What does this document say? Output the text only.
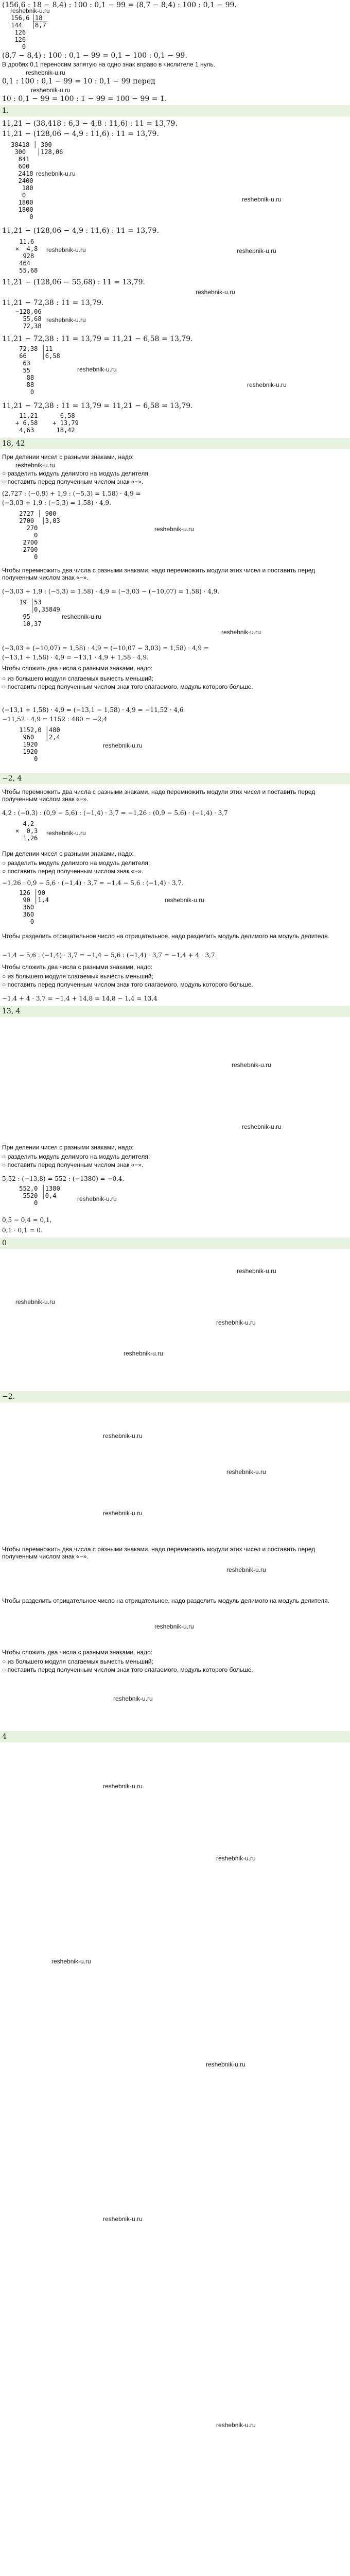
(156,6 : 18 − 8,4) : 100 : 0,1 − 99 = (8,7 − 8,4) : 100 : 0,1 − 99.
reshebnik-u.ru
156,6
144
126
126
0
18
8,7
(8,7 − 8,4) : 100 : 0,1 − 99 = 0,1 − 100 : 0,1 − 99.
В дробях 0,1 переносим запятую на одно знак вправо в числителе 1 нуль.
reshebnik-u.ru
0,1 : 100 : 0,1 − 99 = 10 : 0,1 − 99 перед
reshebnik-u.ru
10 : 0,1 − 99 = 100 : 1 − 99 = 100 − 99 = 1.
1.
11,21 − (38,418 : 6,3 − 4,8 : 11,6) : 11 = 13,79.
11,21 − (128,06 − 4,9 : 11,6) : 11 = 13,79.
38418 │ 300
300   │128,06
841
600
2418
2400
180
0
1800
1800
0
reshebnik-u.ru
reshebnik-u.ru
11,21 − (128,06 − 4,9 : 11,6) : 11 = 13,79.
11,6
×  4,8
928
464
55,68
reshebnik-u.ru	reshebnik-u.ru
11,21 − (128,06 − 55,68) : 11 = 13,79.
reshebnik-u.ru
11,21 − 72,38 : 11 = 13,79.
−128,06
55,68
72,38
reshebnik-u.ru
11,21 − 72,38 : 11 = 13,79 = 11,21 − 6,58 = 13,79.
72,38 │11
66    │6,58
63
55
88
88
0
reshebnik-u.ru
reshebnik-u.ru
11,21 − 72,38 : 11 = 13,79 = 11,21 − 6,58 = 13,79.
11,21      6,58
+ 6,58    + 13,79
4,63      18,42
18, 42
При делении чисел с разными знаками, надо:
reshebnik-u.ru
○ разделить модуль делимого на модуль делителя;
○ поставить перед полученным числом знак «−».
(2,727 : (−0,9) + 1,9 : (−5,3) = 1,58) · 4,9 =
(−3,03 + 1,9 : (−5,3) = 1,58) · 4,9.
2727 │ 900
2700  │3,03
270
0
2700
2700
0
reshebnik-u.ru
Чтобы перемножить два числа с разными знаками, надо перемножить модули этих чисел и поставить перед полученным числом знак «−».
(−3,03 + 1,9 : (−5,3) = 1,58) · 4,9 = (−3,03 − (−10,07) = 1,58) · 4,9.
19 │53
│0,35849
95
10,37
reshebnik-u.ru
reshebnik-u.ru
(−3,03 + (−10,07) = 1,58) · 4,9 = (−10,07 − 3,03) = 1,58) · 4,9 =
(−13,1 + 1,58) · 4,9 = −13,1 · 4,9 + 1,58 · 4,9.
Чтобы сложить два числа с разными знаками, надо:
○ из большего модуля слагаемых вычесть меньший;
○ поставить перед полученным числом знак того слагаемого, модуль которого больше.
(−13,1 + 1,58) · 4,9 = (−13,1 − 1,58) · 4,9 = −11,52 · 4,6
−11,52 · 4,9 = 1152 : 480 = −2,4
1152,0 │480
960   │2,4
1920
1920
0
reshebnik-u.ru
−2, 4
Чтобы перемножить два числа с разными знаками, надо перемножить модули этих чисел и поставить перед полученным числом знак «−».
4,2 : (−0,3) : (0,9 − 5,6) : (−1,4) · 3,7 = −1,26 : (0,9 − 5,6) · (−1,4) · 3,7
4,2
×  0,3
1,26
reshebnik-u.ru
При делении чисел с разными знаками, надо:
○ разделить модуль делимого на модуль делителя;
○ поставить перед полученным числом знак «−».
−1,26 : 0,9 − 5,6 · (−1,4) · 3,7 = −1,4 − 5,6 : (−1,4) · 3,7.
126 │90
90 │1,4
360
360
0
reshebnik-u.ru
Чтобы разделить отрицательное число на отрицательное, надо разделить модуль делимого на модуль делителя.
−1,4 − 5,6 : (−1,4) · 3,7 = −1,4 − 5,6 : (−1,4) · 3,7 = −1,4 + 4 · 3,7.
Чтобы сложить два числа с разными знаками, надо:
○ из большего модуля слагаемых вычесть меньший;
○ поставить перед полученным числом знак того слагаемого, модуль которого больше.
−1,4 + 4 · 3,7 = −1,4 + 14,8 = 14,8 − 1,4 = 13,4
13, 4
reshebnik-u.ru
reshebnik-u.ru
При делении чисел с разными знаками, надо:
○ разделить модуль делимого на модуль делителя;
○ поставить перед полученным числом знак «−».
5,52 : (−13,8) = 552 : (−1380) = −0,4.
552,0 │1380
5520 │0,4
0
reshebnik-u.ru
0,5 − 0,4 = 0,1,
0,1 · 0,1 = 0.
0
reshebnik-u.ru
reshebnik-u.ru
reshebnik-u.ru
reshebnik-u.ru
−2.
reshebnik-u.ru
reshebnik-u.ru
reshebnik-u.ru
Чтобы перемножить два числа с разными знаками, надо перемножить модули этих чисел и поставить перед полученным числом знак «−».
reshebnik-u.ru
Чтобы разделить отрицательное число на отрицательное, надо разделить модуль делимого на модуль делителя.
reshebnik-u.ru
Чтобы сложить два числа с разными знаками, надо:
○ из большего модуля слагаемых вычесть меньший;
○ поставить перед полученным числом знак того слагаемого, модуль которого больше.
reshebnik-u.ru
4
reshebnik-u.ru
reshebnik-u.ru
reshebnik-u.ru
reshebnik-u.ru
reshebnik-u.ru
reshebnik-u.ru
